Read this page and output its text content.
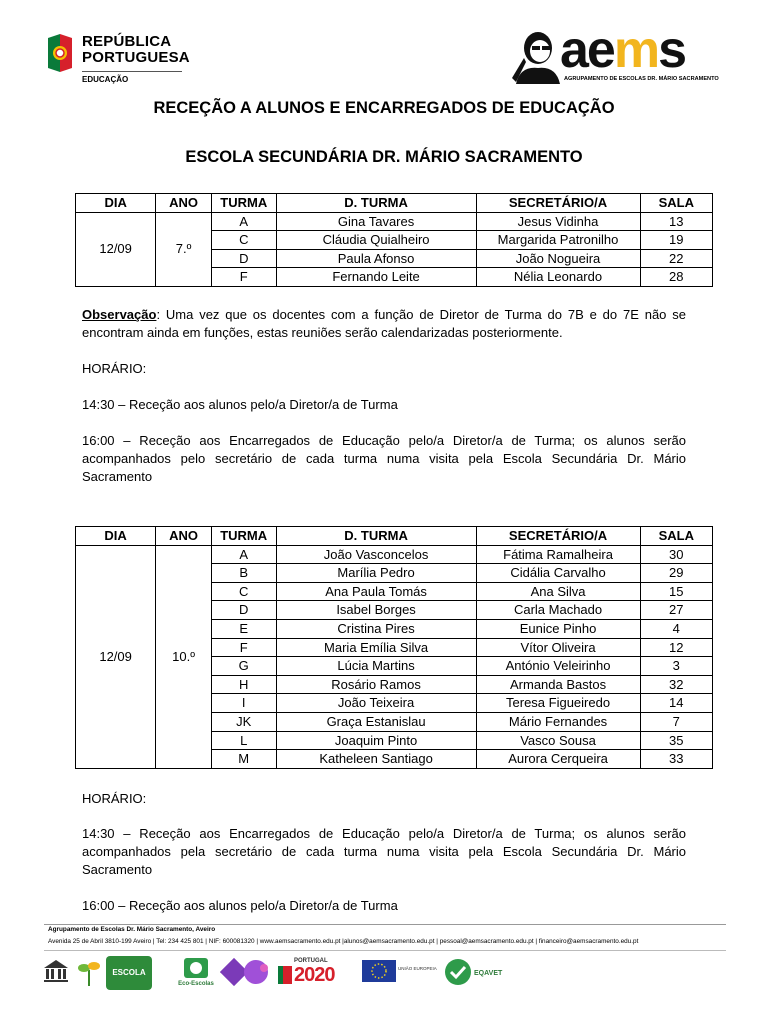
REPÚBLICA
PORTUGUESA
EDUCAÇÃO
aems
AGRUPAMENTO DE ESCOLAS DR. MÁRIO SACRAMENTO
RECEÇÃO A ALUNOS E ENCARREGADOS DE EDUCAÇÃO
ESCOLA SECUNDÁRIA DR. MÁRIO SACRAMENTO
DIA	ANO	TURMA	D. TURMA	SECRETÁRIO/A	SALA
12/09	7.º	A	Gina Tavares	Jesus Vidinha	13
		C	Cláudia Quialheiro	Margarida Patronilho	19
		D	Paula Afonso	João Nogueira	22
		F	Fernando Leite	Nélia Leonardo	28
Observação: Uma vez que os docentes com a função de Diretor de Turma do 7B e do 7E não se encontram ainda em funções, estas reuniões serão calendarizadas posteriormente.
HORÁRIO:
14:30 – Receção aos alunos pelo/a Diretor/a de Turma
16:00 – Receção aos Encarregados de Educação pelo/a Diretor/a de Turma; os alunos serão acompanhados pelo secretário de cada turma numa visita pela Escola Secundária Dr. Mário Sacramento
DIA	ANO	TURMA	D. TURMA	SECRETÁRIO/A	SALA
12/09	10.º	A	João Vasconcelos	Fátima Ramalheira	30
		B	Marília Pedro	Cidália Carvalho	29
		C	Ana Paula Tomás	Ana Silva	15
		D	Isabel Borges	Carla Machado	27
		E	Cristina Pires	Eunice Pinho	4
		F	Maria Emília Silva	Vítor Oliveira	12
		G	Lúcia Martins	António Veleirinho	3
		H	Rosário Ramos	Armanda Bastos	32
		I	João Teixeira	Teresa Figueiredo	14
		JK	Graça Estanislau	Mário Fernandes	7
		L	Joaquim Pinto	Vasco Sousa	35
		M	Katheleen Santiago	Aurora Cerqueira	33
HORÁRIO:
14:30 – Receção aos Encarregados de Educação pelo/a Diretor/a de Turma; os alunos serão acompanhados pela secretário de cada turma numa visita pela Escola Secundária Dr. Mário Sacramento
16:00 – Receção aos alunos pelo/a Diretor/a de Turma
Agrupamento de Escolas Dr. Mário Sacramento, Aveiro
Avenida 25 de Abril 3810-199 Aveiro | Tel: 234 425 801 | NIF: 600081320 | www.aemsacramento.edu.pt |alunos@aemsacramento.edu.pt | pessoal@aemsacramento.edu.pt | financeiro@aemsacramento.edu.pt
ESCOLA
Eco-Escolas
PORTUGAL
2020	UNIÃO EUROPEIA
EQAVET
